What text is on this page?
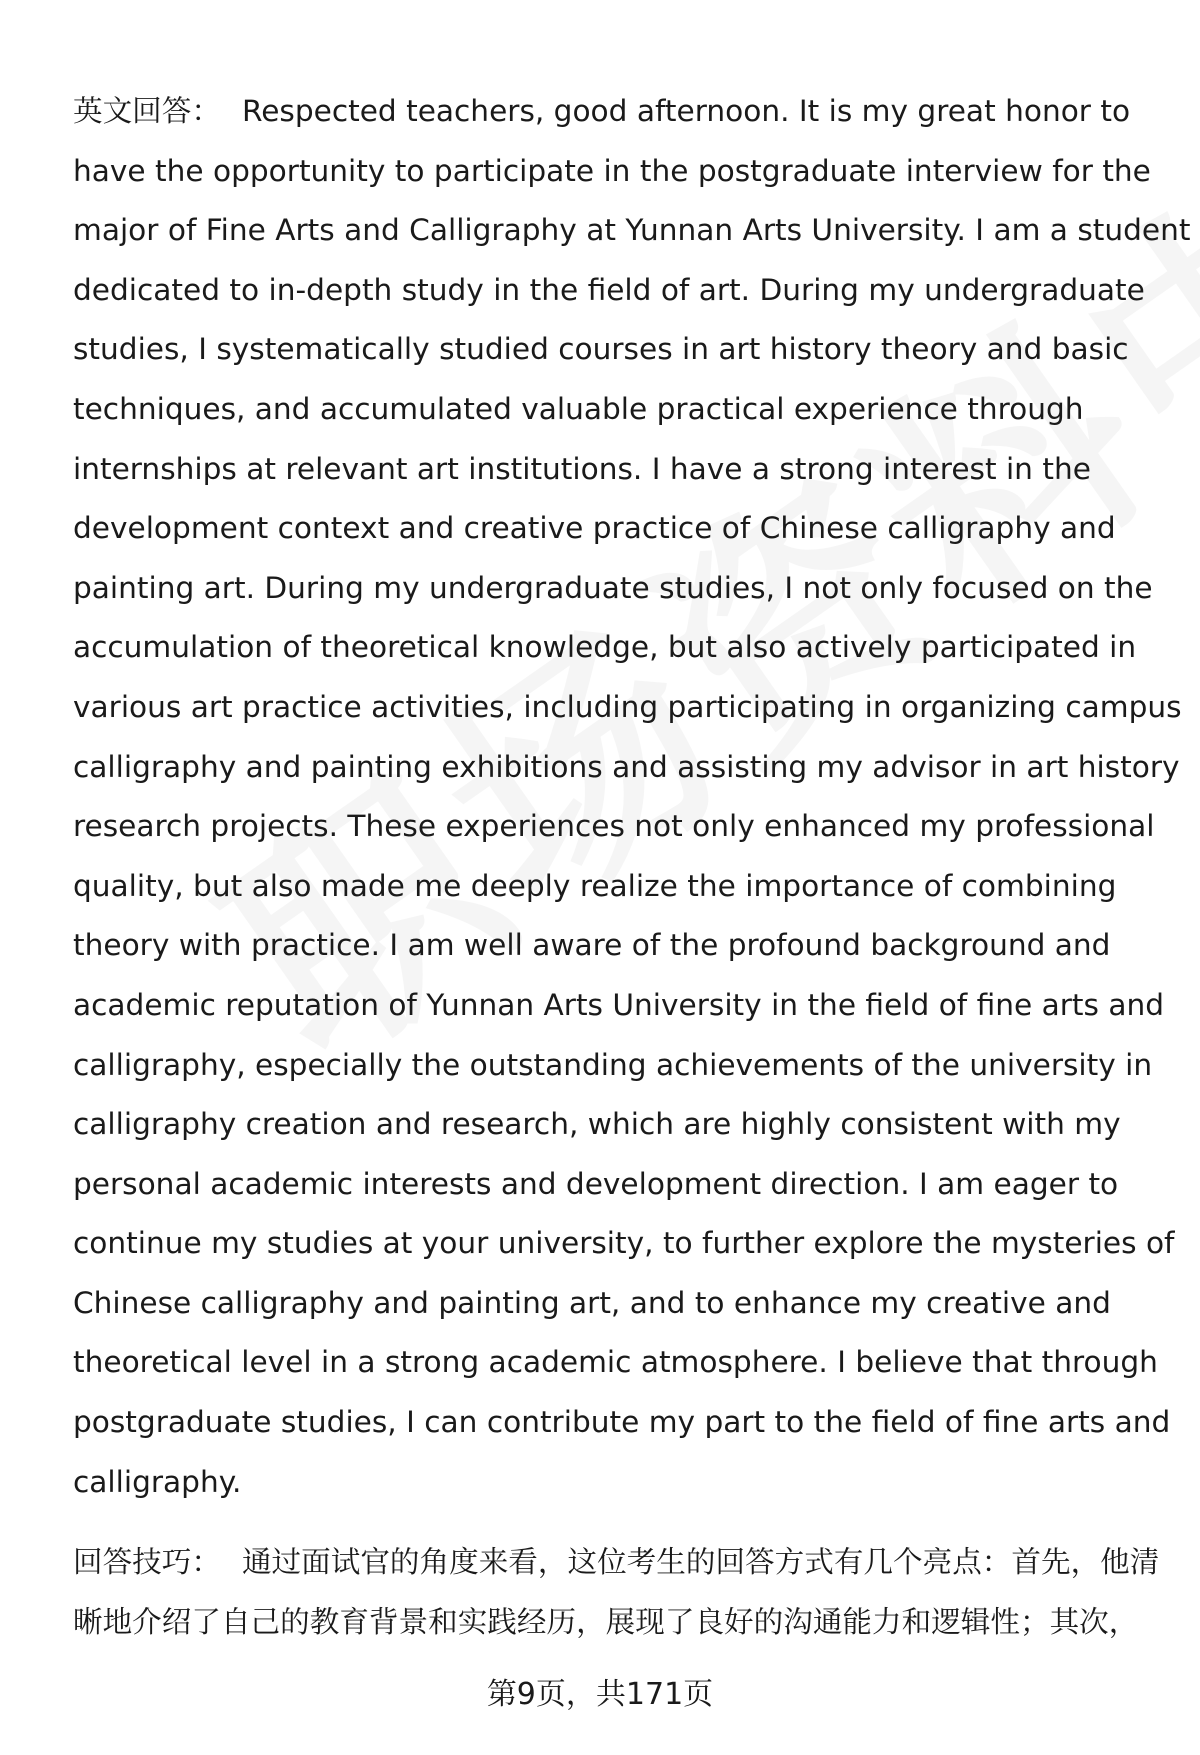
英文回答： Respected teachers, good afternoon. It is my great honor to
have the opportunity to participate in the postgraduate interview for the
major of Fine Arts and Calligraphy at Yunnan Arts University. I am a student
dedicated to in-depth study in the field of art. During my undergraduate
studies, I systematically studied courses in art history theory and basic
techniques, and accumulated valuable practical experience through
internships at relevant art institutions. I have a strong interest in the
development context and creative practice of Chinese calligraphy and
painting art. During my undergraduate studies, I not only focused on the
accumulation of theoretical knowledge, but also actively participated in
various art practice activities, including participating in organizing campus
calligraphy and painting exhibitions and assisting my advisor in art history
research projects. These experiences not only enhanced my professional
quality, but also made me deeply realize the importance of combining
theory with practice. I am well aware of the profound background and
academic reputation of Yunnan Arts University in the field of fine arts and
calligraphy, especially the outstanding achievements of the university in
calligraphy creation and research, which are highly consistent with my
personal academic interests and development direction. I am eager to
continue my studies at your university, to further explore the mysteries of
Chinese calligraphy and painting art, and to enhance my creative and
theoretical level in a strong academic atmosphere. I believe that through
postgraduate studies, I can contribute my part to the field of fine arts and
calligraphy.
回答技巧： 通过面试官的角度来看，这位考生的回答方式有几个亮点：首先，他清
晰地介绍了自己的教育背景和实践经历，展现了良好的沟通能力和逻辑性；其次，
第9页，共171页
